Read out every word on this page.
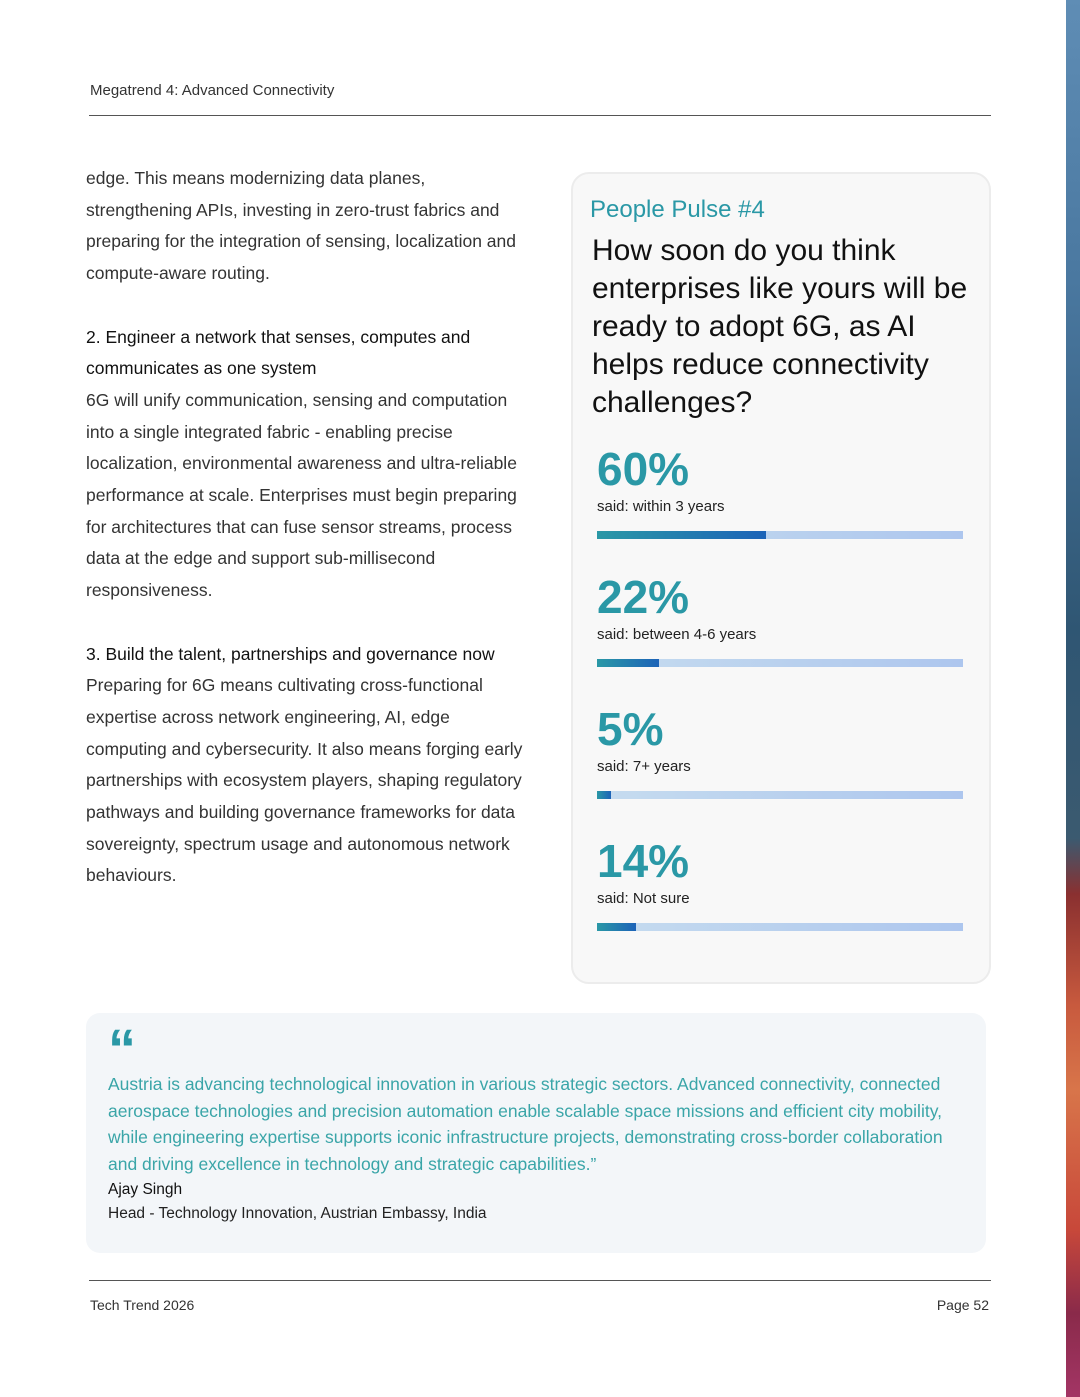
Megatrend 4: Advanced Connectivity

edge. This means modernizing data planes, strengthening APIs, investing in zero-trust fabrics and preparing for the integration of sensing, localization and compute-aware routing.

2. Engineer a network that senses, computes and communicates as one system

6G will unify communication, sensing and computation into a single integrated fabric - enabling precise localization, environmental awareness and ultra-reliable performance at scale. Enterprises must begin preparing for architectures that can fuse sensor streams, process data at the edge and support sub-millisecond responsiveness.

3. Build the talent, partnerships and governance now

Preparing for 6G means cultivating cross-functional expertise across network engineering, AI, edge computing and cybersecurity. It also means forging early partnerships with ecosystem players, shaping regulatory pathways and building governance frameworks for data sovereignty, spectrum usage and autonomous network behaviours.

People Pulse #4
How soon do you think enterprises like yours will be ready to adopt 6G, as AI helps reduce connectivity challenges?
60%
said: within 3 years
22%
said: between 4-6 years
5%
said: 7+ years
14%
said: Not sure
“
Austria is advancing technological innovation in various strategic sectors. Advanced connectivity, connected aerospace technologies and precision automation enable scalable space missions and efficient city mobility, while engineering expertise supports iconic infrastructure projects, demonstrating cross-border collaboration and driving excellence in technology and strategic capabilities.”
Ajay Singh
Head - Technology Innovation, Austrian Embassy, India
Tech Trend 2026	Page 52
